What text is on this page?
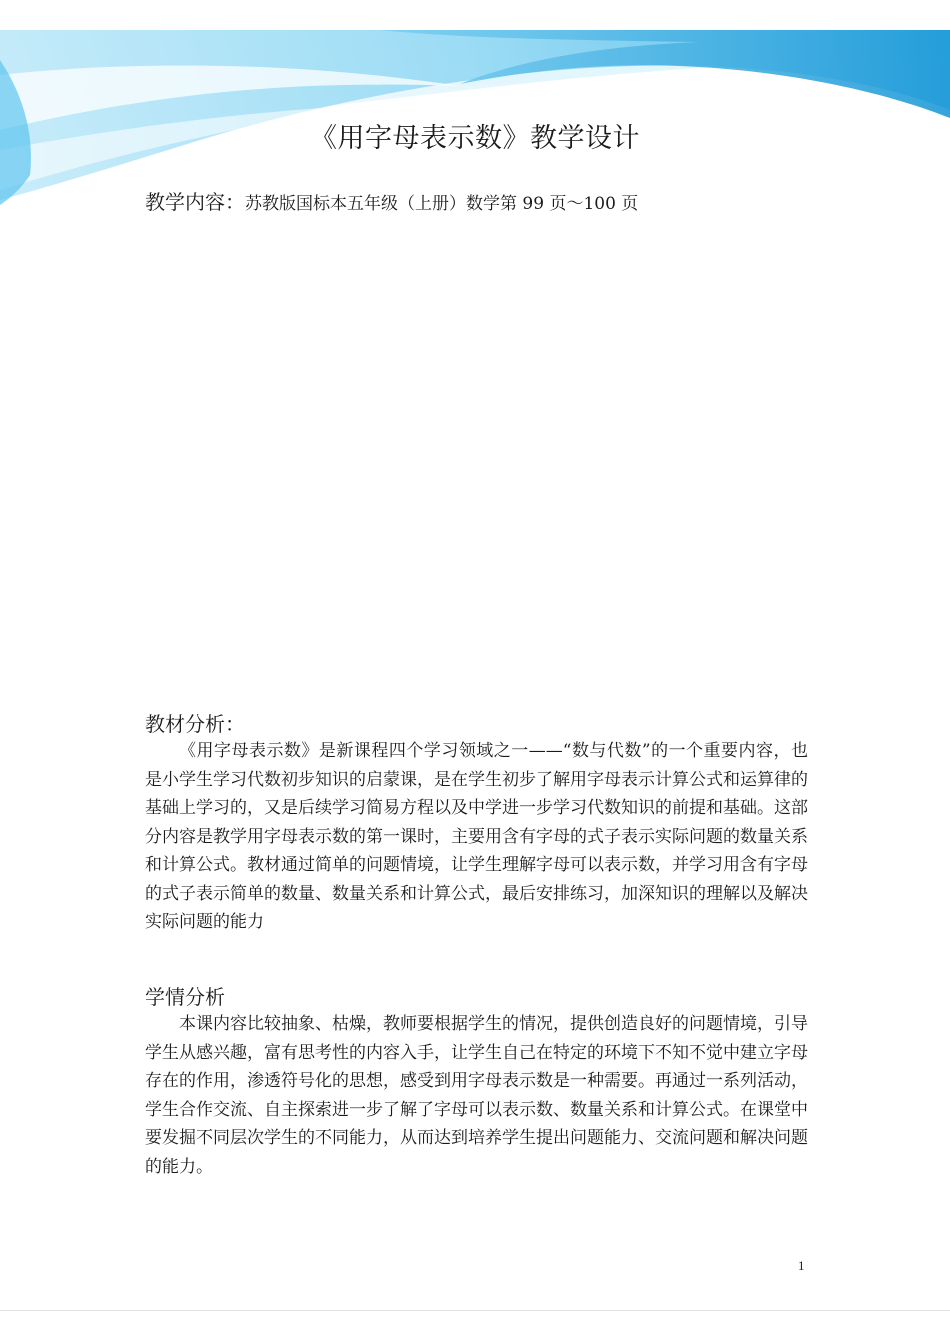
《用字母表示数》教学设计
教学内容：苏教版国标本五年级（上册）数学第 99 页～100 页
教材分析：

《用字母表示数》是新课程四个学习领域之一——“数与代数”的一个重要内容，也是小学生学习代数初步知识的启蒙课，是在学生初步了解用字母表示计算公式和运算律的基础上学习的，又是后续学习简易方程以及中学进一步学习代数知识的前提和基础。这部分内容是教学用字母表示数的第一课时，主要用含有字母的式子表示实际问题的数量关系和计算公式。教材通过简单的问题情境，让学生理解字母可以表示数，并学习用含有字母的式子表示简单的数量、数量关系和计算公式，最后安排练习，加深知识的理解以及解决实际问题的能力

学情分析

本课内容比较抽象、枯燥，教师要根据学生的情况，提供创造良好的问题情境，引导学生从感兴趣，富有思考性的内容入手，让学生自己在特定的环境下不知不觉中建立字母存在的作用，渗透符号化的思想，感受到用字母表示数是一种需要。再通过一系列活动，学生合作交流、自主探索进一步了解了字母可以表示数、数量关系和计算公式。在课堂中要发掘不同层次学生的不同能力，从而达到培养学生提出问题能力、交流问题和解决问题的能力。

1
